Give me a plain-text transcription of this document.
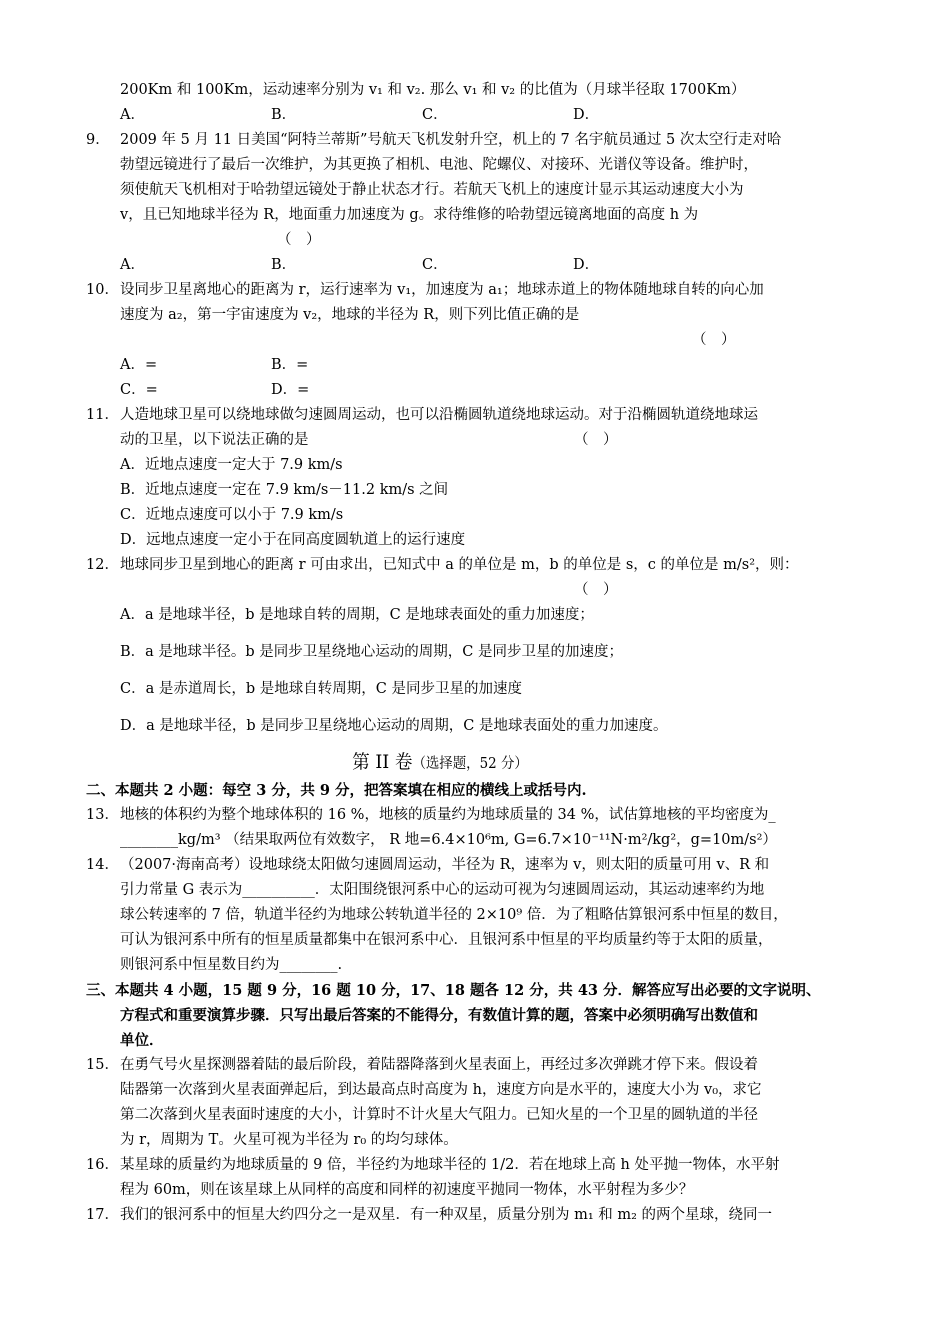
200Km 和 100Km，运动速率分别为 v₁ 和 v₂. 那么 v₁ 和 v₂ 的比值为（月球半径取 1700Km）
A．	B．	C．	D．
9． 2009 年 5 月 11 日美国“阿特兰蒂斯”号航天飞机发射升空，机上的 7 名宇航员通过 5 次太空行走对哈
勃望远镜进行了最后一次维护，为其更换了相机、电池、陀螺仪、对接环、光谱仪等设备。维护时，
须使航天飞机相对于哈勃望远镜处于静止状态才行。若航天飞机上的速度计显示其运动速度大小为
v，且已知地球半径为 R，地面重力加速度为 g。求待维修的哈勃望远镜离地面的高度 h 为
（　）
A．	B．	C．	D．
10． 设同步卫星离地心的距离为 r，运行速率为 v₁，加速度为 a₁；地球赤道上的物体随地球自转的向心加
速度为 a₂，第一宇宙速度为 v₂，地球的半径为 R，则下列比值正确的是
（　）
A．=	B．=
C．=	D．=
11． 人造地球卫星可以绕地球做匀速圆周运动，也可以沿椭圆轨道绕地球运动。对于沿椭圆轨道绕地球运
动的卫星，以下说法正确的是	（　）
A．近地点速度一定大于 7.9 km/s
B．近地点速度一定在 7.9 km/s－11.2 km/s 之间
C．近地点速度可以小于 7.9 km/s
D．远地点速度一定小于在同高度圆轨道上的运行速度
12． 地球同步卫星到地心的距离 r 可由求出，已知式中 a 的单位是 m，b 的单位是 s，c 的单位是 m/s²，则：
（　）
A．a 是地球半径，b 是地球自转的周期，C 是地球表面处的重力加速度；
B．a 是地球半径。b 是同步卫星绕地心运动的周期，C 是同步卫星的加速度；
C．a 是赤道周长，b 是地球自转周期，C 是同步卫星的加速度
D．a 是地球半径，b 是同步卫星绕地心运动的周期，C 是地球表面处的重力加速度。
第 II 卷（选择题，52 分）
二、本题共 2 小题：每空 3 分，共 9 分，把答案填在相应的横线上或括号内.
13． 地核的体积约为整个地球体积的 16 %，地核的质量约为地球质量的 34 %，试估算地核的平均密度为_
________kg/m³ （结果取两位有效数字， R 地=6.4×10⁶m, G=6.7×10⁻¹¹N·m²/kg²，g=10m/s²）
14． （2007·海南高考）设地球绕太阳做匀速圆周运动，半径为 R，速率为 v，则太阳的质量可用 v、R 和
引力常量 G 表示为__________．太阳围绕银河系中心的运动可视为匀速圆周运动，其运动速率约为地
球公转速率的 7 倍，轨道半径约为地球公转轨道半径的 2×10⁹ 倍．为了粗略估算银河系中恒星的数目，
可认为银河系中所有的恒星质量都集中在银河系中心．且银河系中恒星的平均质量约等于太阳的质量，
则银河系中恒星数目约为________.
三、本题共 4 小题，15 题 9 分，16 题 10 分，17、18 题各 12 分，共 43 分．解答应写出必要的文字说明、
方程式和重要演算步骤．只写出最后答案的不能得分，有数值计算的题，答案中必须明确写出数值和
单位．
15． 在勇气号火星探测器着陆的最后阶段，着陆器降落到火星表面上，再经过多次弹跳才停下来。假设着
陆器第一次落到火星表面弹起后，到达最高点时高度为 h，速度方向是水平的，速度大小为 v₀，求它
第二次落到火星表面时速度的大小，计算时不计火星大气阻力。已知火星的一个卫星的圆轨道的半径
为 r，周期为 T。火星可视为半径为 r₀ 的均匀球体。
16． 某星球的质量约为地球质量的 9 倍，半径约为地球半径的 1/2．若在地球上高 h 处平抛一物体，水平射
程为 60m，则在该星球上从同样的高度和同样的初速度平抛同一物体，水平射程为多少？
17． 我们的银河系中的恒星大约四分之一是双星．有一种双星，质量分别为 m₁ 和 m₂ 的两个星球，绕同一
